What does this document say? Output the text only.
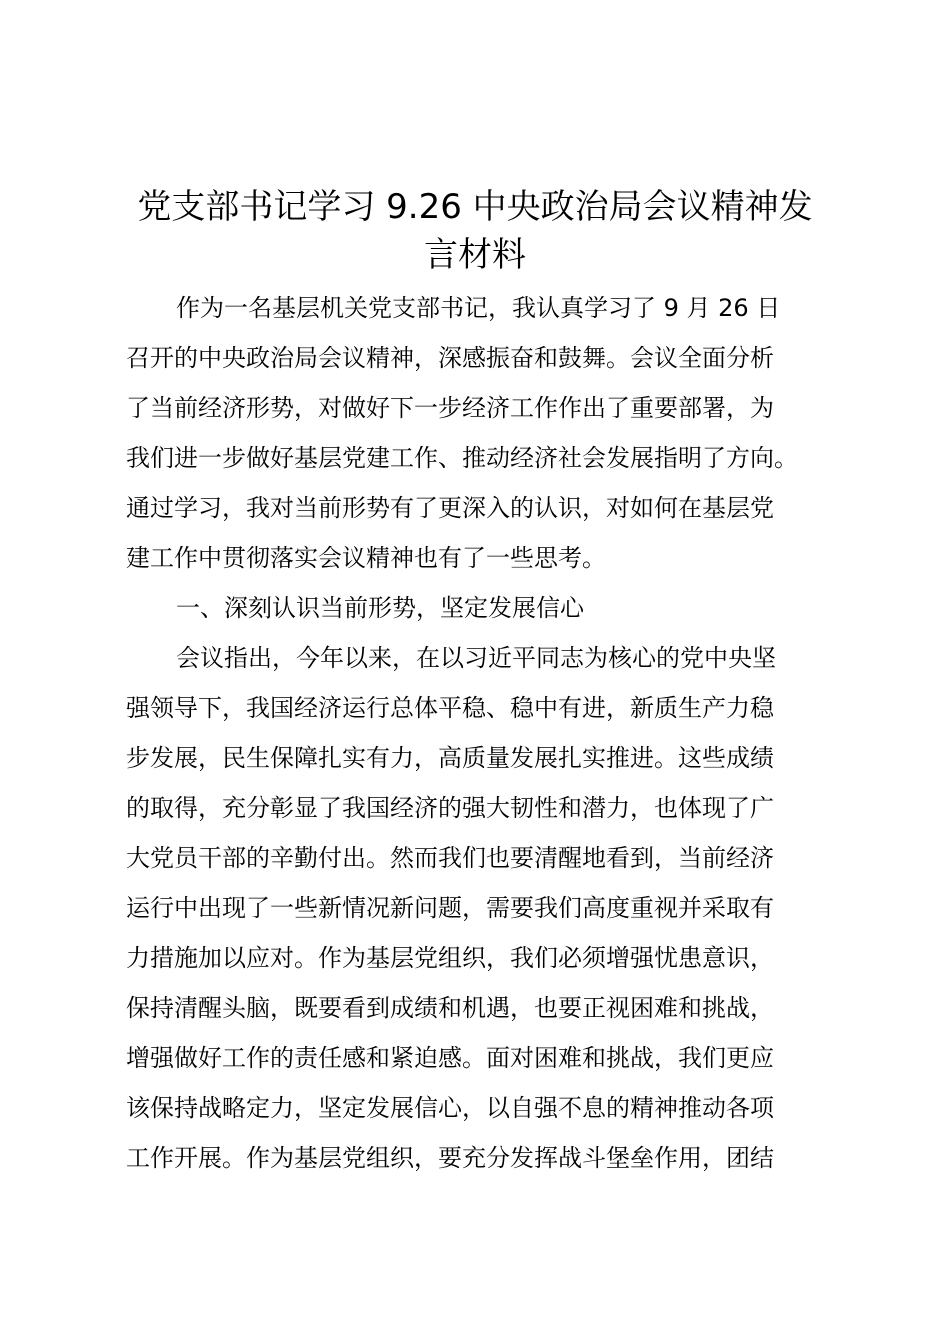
党支部书记学习 9.26 中央政治局会议精神发
言材料
作为一名基层机关党支部书记，我认真学习了 9 月 26 日
召开的中央政治局会议精神，深感振奋和鼓舞。会议全面分析
了当前经济形势，对做好下一步经济工作作出了重要部署，为
我们进一步做好基层党建工作、推动经济社会发展指明了方向。
通过学习，我对当前形势有了更深入的认识，对如何在基层党
建工作中贯彻落实会议精神也有了一些思考。
一、深刻认识当前形势，坚定发展信心
会议指出，今年以来，在以习近平同志为核心的党中央坚
强领导下，我国经济运行总体平稳、稳中有进，新质生产力稳
步发展，民生保障扎实有力，高质量发展扎实推进。这些成绩
的取得，充分彰显了我国经济的强大韧性和潜力，也体现了广
大党员干部的辛勤付出。然而我们也要清醒地看到，当前经济
运行中出现了一些新情况新问题，需要我们高度重视并采取有
力措施加以应对。作为基层党组织，我们必须增强忧患意识，
保持清醒头脑，既要看到成绩和机遇，也要正视困难和挑战，
增强做好工作的责任感和紧迫感。面对困难和挑战，我们更应
该保持战略定力，坚定发展信心，以自强不息的精神推动各项
工作开展。作为基层党组织，要充分发挥战斗堡垒作用，团结
